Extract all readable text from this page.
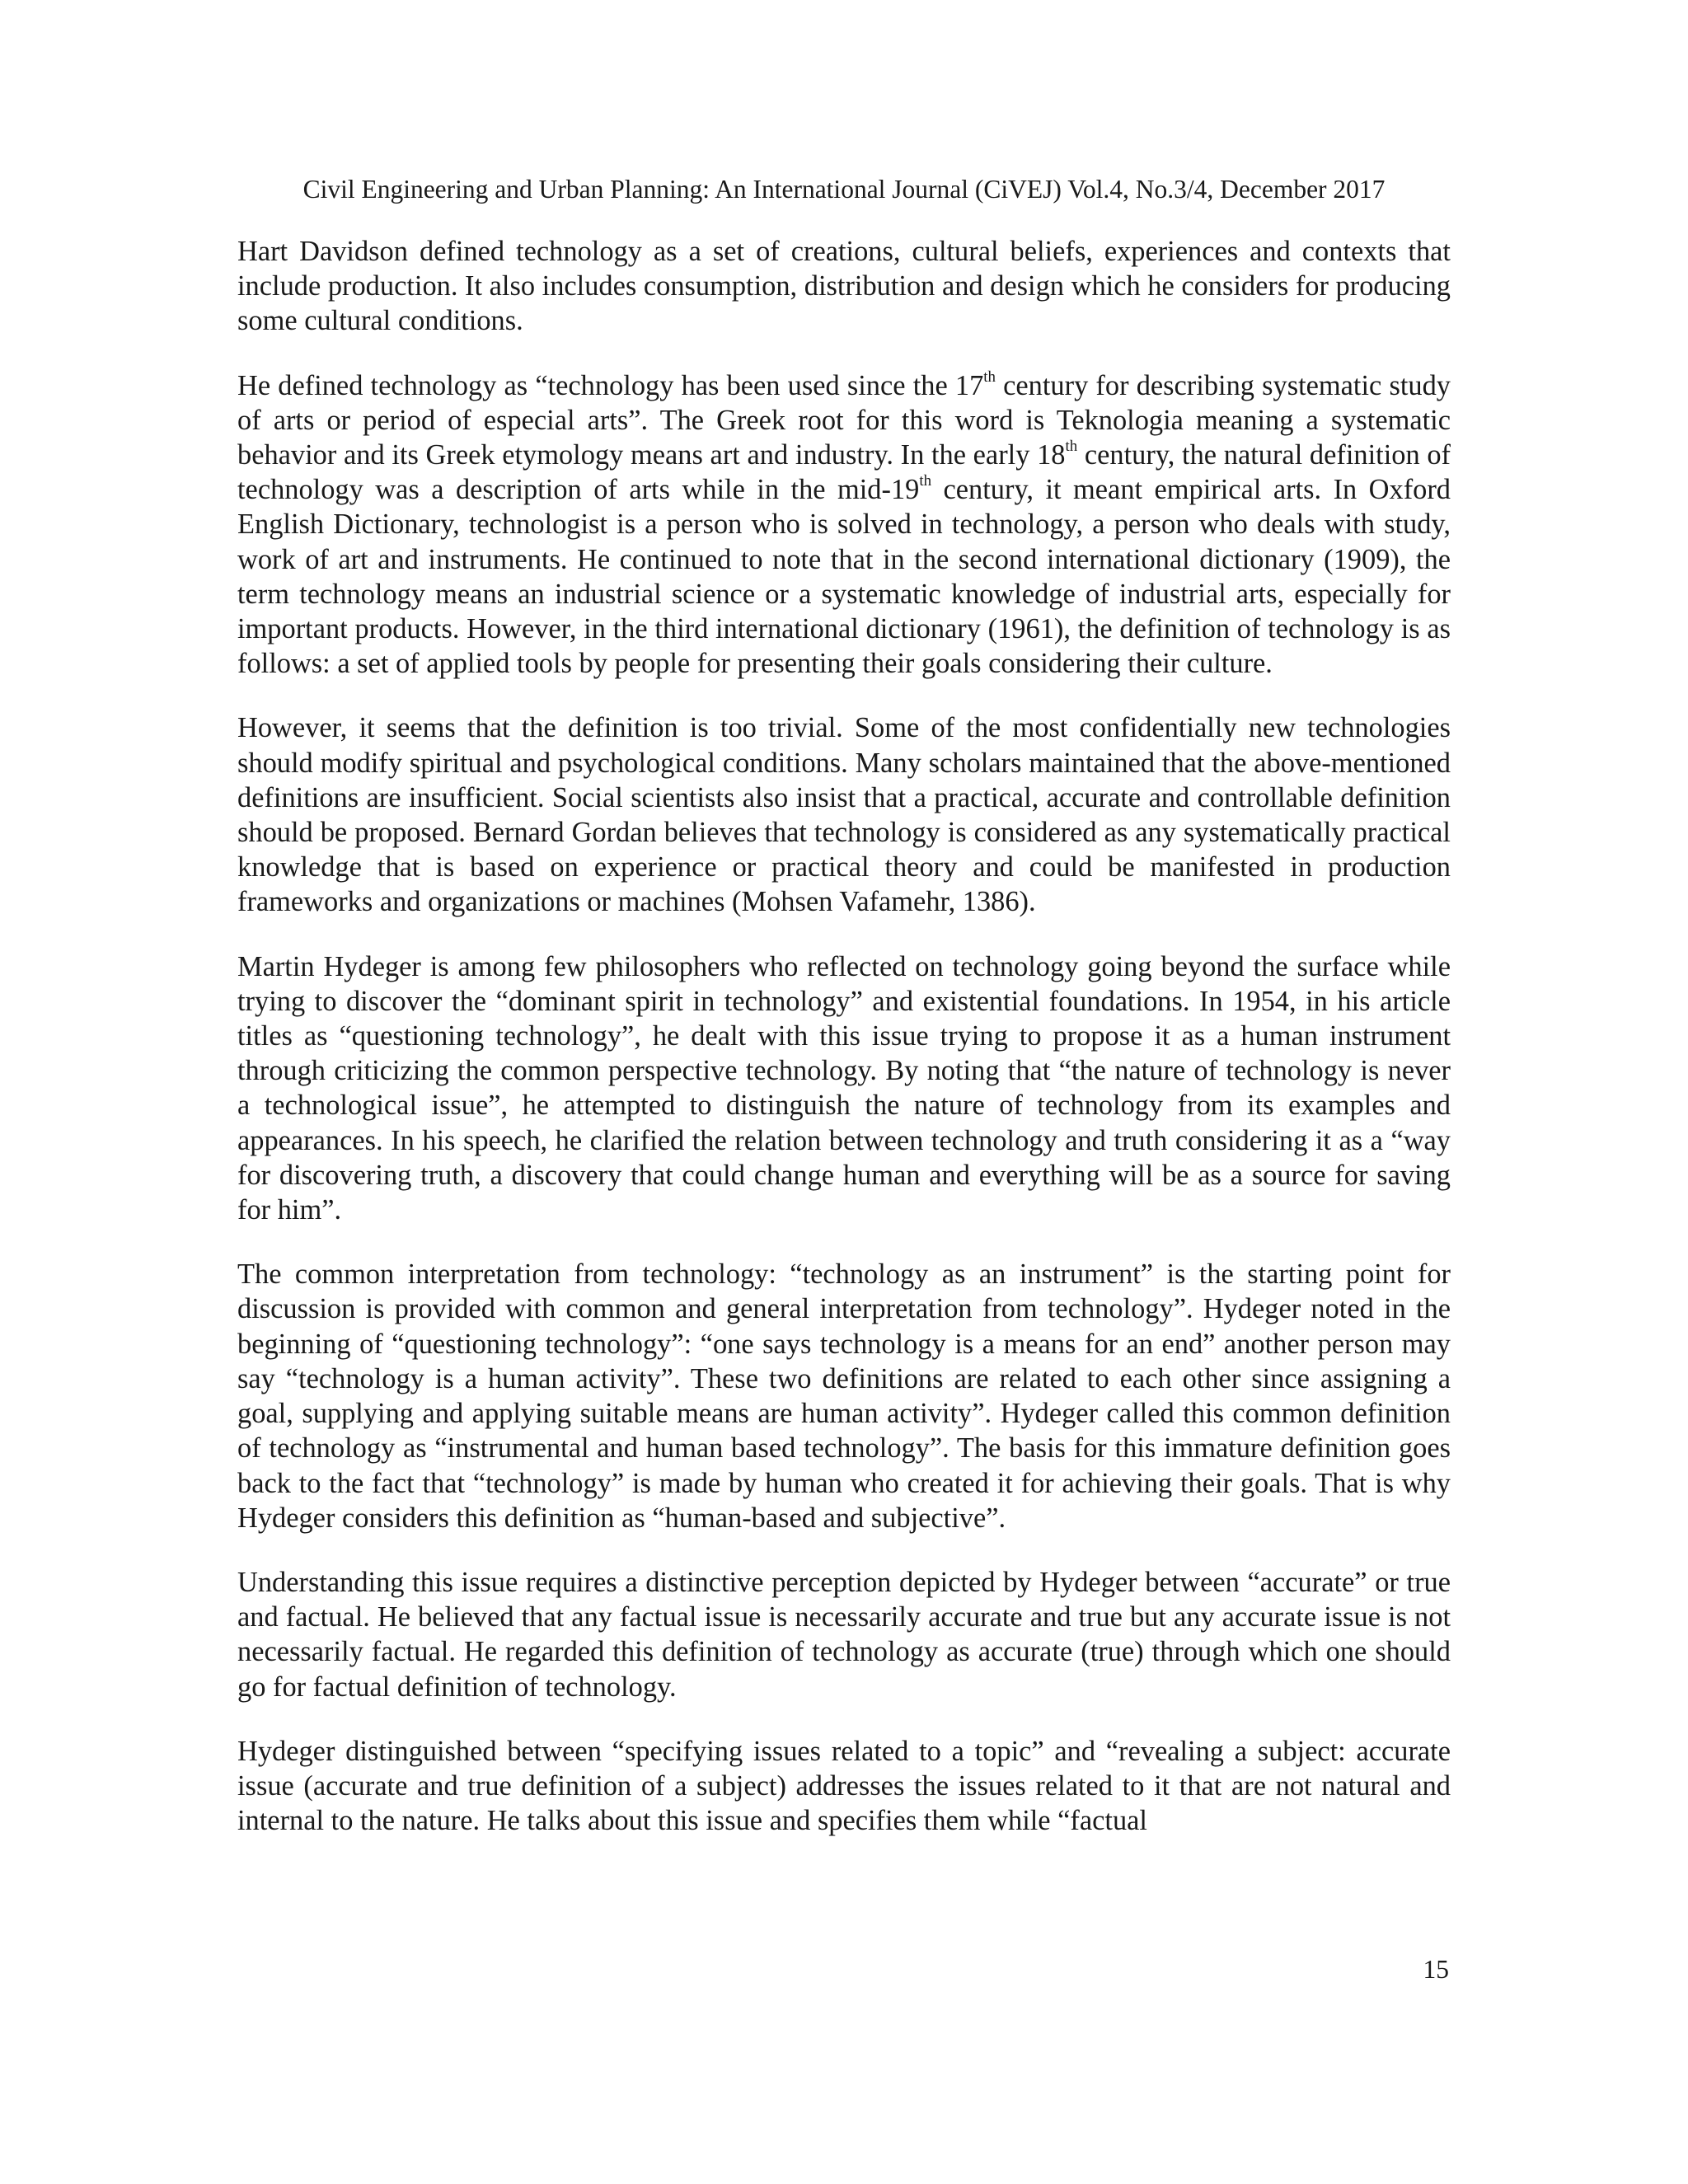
Civil Engineering and Urban Planning: An International Journal (CiVEJ) Vol.4, No.3/4, December 2017

Hart Davidson defined technology as a set of creations, cultural beliefs, experiences and contexts that include production. It also includes consumption, distribution and design which he considers for producing some cultural conditions.

He defined technology as “technology has been used since the 17th century for describing systematic study of arts or period of especial arts”. The Greek root for this word is Teknologia meaning a systematic behavior and its Greek etymology means art and industry. In the early 18th century, the natural definition of technology was a description of arts while in the mid-19th century, it meant empirical arts. In Oxford English Dictionary, technologist is a person who is solved in technology, a person who deals with study, work of art and instruments. He continued to note that in the second international dictionary (1909), the term technology means an industrial science or a systematic knowledge of industrial arts, especially for important products. However, in the third international dictionary (1961), the definition of technology is as follows: a set of applied tools by people for presenting their goals considering their culture.

However, it seems that the definition is too trivial. Some of the most confidentially new technologies should modify spiritual and psychological conditions. Many scholars maintained that the above-mentioned definitions are insufficient. Social scientists also insist that a practical, accurate and controllable definition should be proposed. Bernard Gordan believes that technology is considered as any systematically practical knowledge that is based on experience or practical theory and could be manifested in production frameworks and organizations or machines (Mohsen Vafamehr, 1386).

Martin Hydeger is among few philosophers who reflected on technology going beyond the surface while trying to discover the “dominant spirit in technology” and existential foundations. In 1954, in his article titles as “questioning technology”, he dealt with this issue trying to propose it as a human instrument through criticizing the common perspective technology. By noting that “the nature of technology is never a technological issue”, he attempted to distinguish the nature of technology from its examples and appearances. In his speech, he clarified the relation between technology and truth considering it as a “way for discovering truth, a discovery that could change human and everything will be as a source for saving for him”.

The common interpretation from technology: “technology as an instrument” is the starting point for discussion is provided with common and general interpretation from technology”. Hydeger noted in the beginning of “questioning technology”: “one says technology is a means for an end” another person may say “technology is a human activity”. These two definitions are related to each other since assigning a goal, supplying and applying suitable means are human activity”. Hydeger called this common definition of technology as “instrumental and human based technology”. The basis for this immature definition goes back to the fact that “technology” is made by human who created it for achieving their goals. That is why Hydeger considers this definition as “human-based and subjective”.

Understanding this issue requires a distinctive perception depicted by Hydeger between “accurate” or true and factual. He believed that any factual issue is necessarily accurate and true but any accurate issue is not necessarily factual. He regarded this definition of technology as accurate (true) through which one should go for factual definition of technology.

Hydeger distinguished between “specifying issues related to a topic” and “revealing a subject: accurate issue (accurate and true definition of a subject) addresses the issues related to it that are not natural and internal to the nature. He talks about this issue and specifies them while “factual

15
